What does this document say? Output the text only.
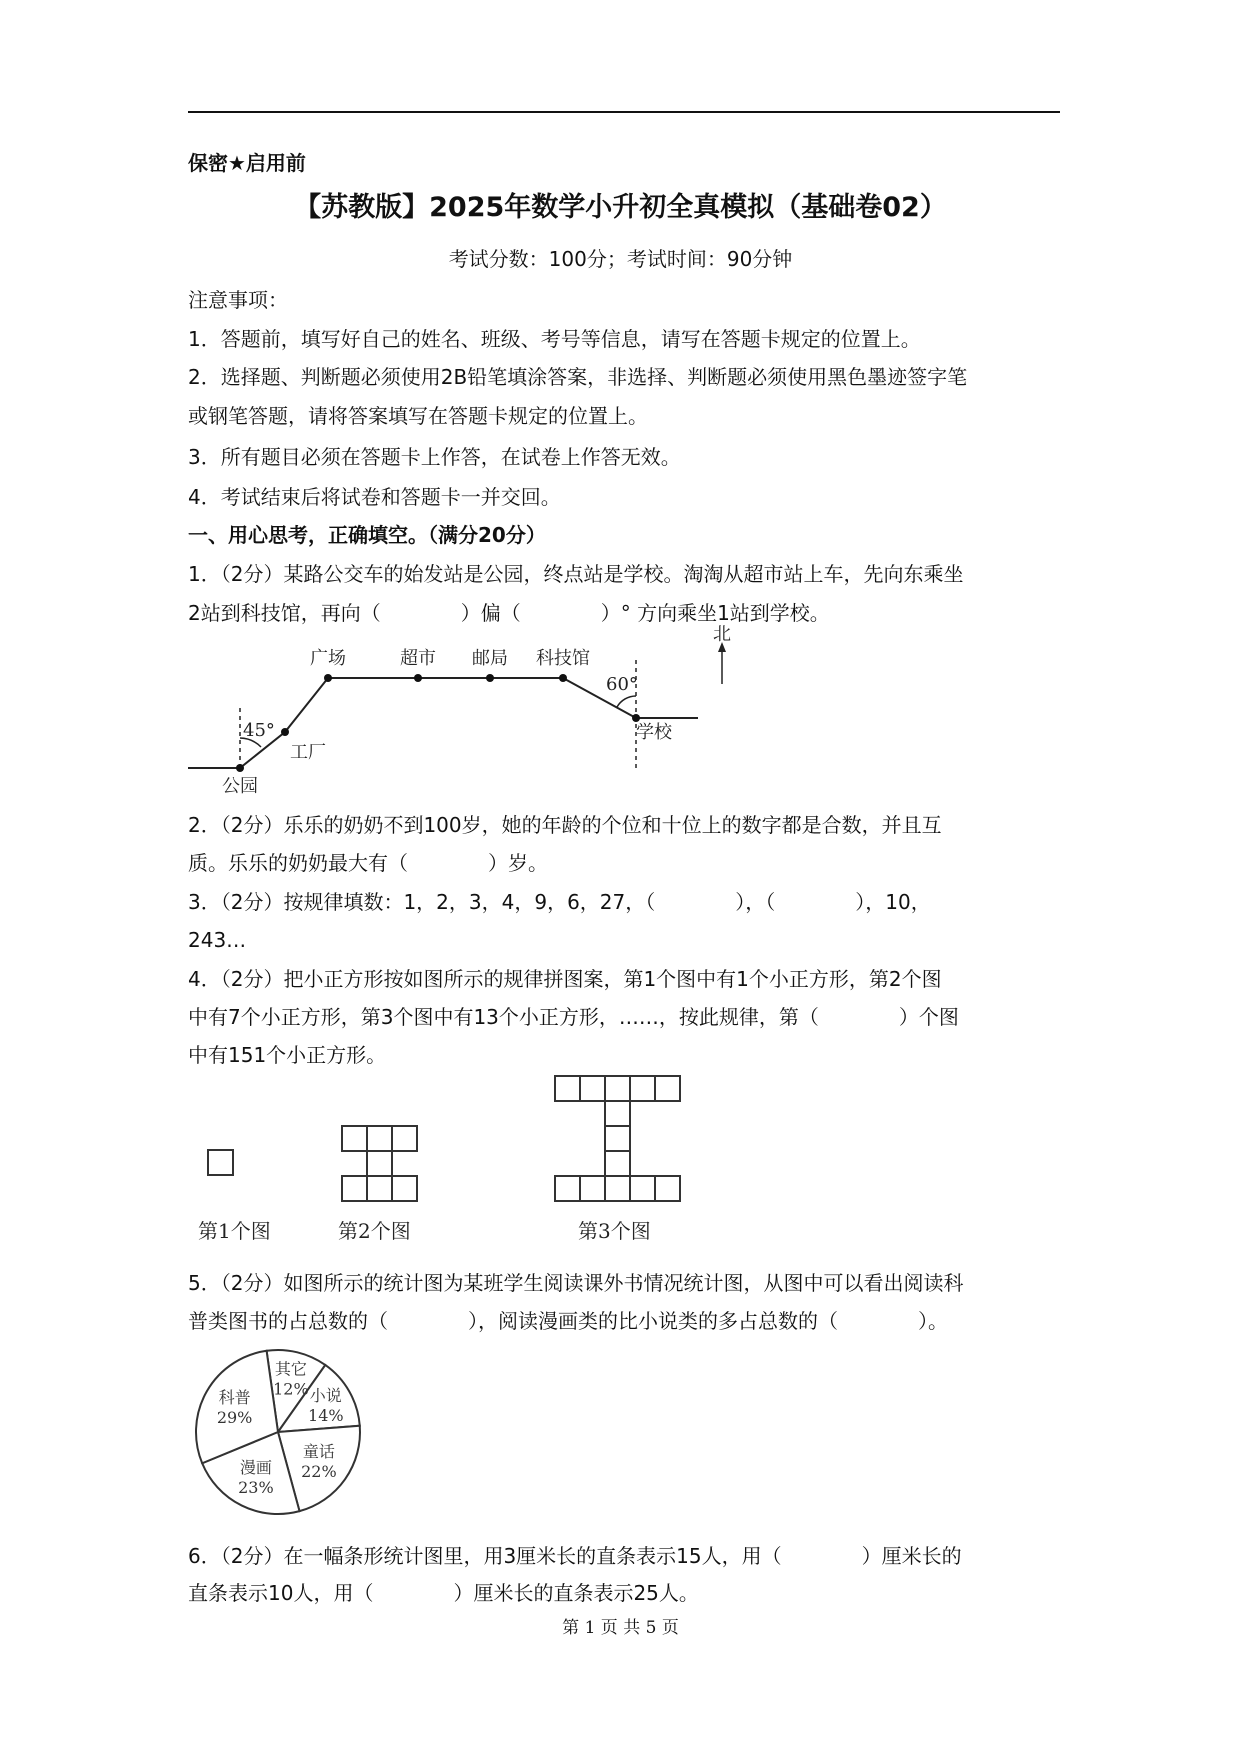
保密★启用前
【苏教版】2025年数学小升初全真模拟（基础卷02）
考试分数：100分；考试时间：90分钟
注意事项：
1．答题前，填写好自己的姓名、班级、考号等信息，请写在答题卡规定的位置上。
2．选择题、判断题必须使用2B铅笔填涂答案，非选择、判断题必须使用黑色墨迹签字笔
或钢笔答题，请将答案填写在答题卡规定的位置上。
3．所有题目必须在答题卡上作答，在试卷上作答无效。
4．考试结束后将试卷和答题卡一并交回。
一、用心思考，正确填空。（满分20分）
1．（2分）某路公交车的始发站是公园，终点站是学校。淘淘从超市站上车，先向东乘坐
2站到科技馆，再向（　　　　）偏（　　　　）° 方向乘坐1站到学校。
北
公园
工厂
广场	超市 邮局 科技馆
学校
45°
60°
2．（2分）乐乐的奶奶不到100岁，她的年龄的个位和十位上的数字都是合数，并且互
质。乐乐的奶奶最大有（　　　　）岁。
3．（2分）按规律填数：1，2，3，4，9，6，27，（　　　　），（　　　　），10，
243…
4．（2分）把小正方形按如图所示的规律拼图案，第1个图中有1个小正方形，第2个图
中有7个小正方形，第3个图中有13个小正方形，……，按此规律，第（　　　　）个图
中有151个小正方形。
第1个图	第2个图	第3个图
5．（2分）如图所示的统计图为某班学生阅读课外书情况统计图，从图中可以看出阅读科
普类图书的占总数的（　　　　），阅读漫画类的比小说类的多占总数的（　　　　）。
其它
12% 小说
14%
童话
22%
漫画
23%
科普
29%
6．（2分）在一幅条形统计图里，用3厘米长的直条表示15人，用（　　　　）厘米长的
直条表示10人，用（　　　　）厘米长的直条表示25人。
第 1 页 共 5 页
